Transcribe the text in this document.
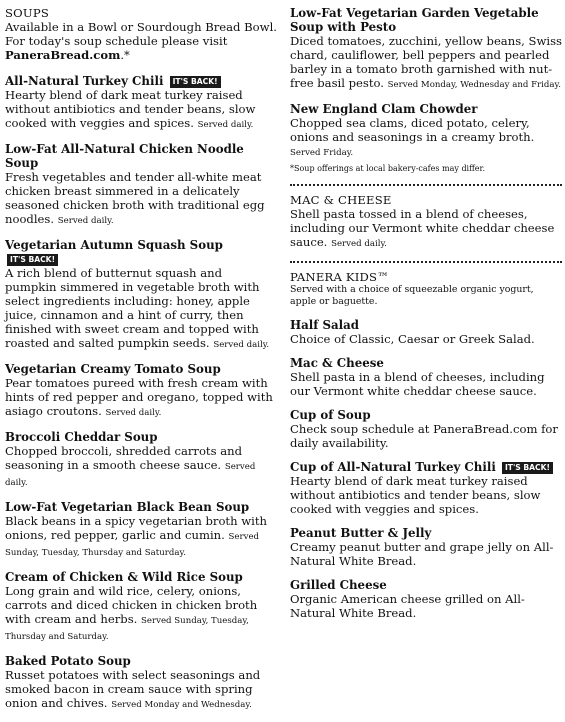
SOUPS

Available in a Bowl or Sourdough Bread Bowl. For today's soup schedule please visit PaneraBread.com.*

All-Natural Turkey Chili IT'S BACK!

Hearty blend of dark meat turkey raised without antibiotics and tender beans, slow cooked with veggies and spices. Served daily.

Low-Fat All-Natural Chicken Noodle Soup

Fresh vegetables and tender all-white meat chicken breast simmered in a delicately seasoned chicken broth with traditional egg noodles. Served daily.

Vegetarian Autumn Squash Soup IT'S BACK!

A rich blend of butternut squash and pumpkin simmered in vegetable broth with select ingredients including: honey, apple juice, cinnamon and a hint of curry, then finished with sweet cream and topped with roasted and salted pumpkin seeds. Served daily.

Vegetarian Creamy Tomato Soup

Pear tomatoes pureed with fresh cream with hints of red pepper and oregano, topped with asiago croutons. Served daily.

Broccoli Cheddar Soup

Chopped broccoli, shredded carrots and seasoning in a smooth cheese sauce. Served daily.

Low-Fat Vegetarian Black Bean Soup

Black beans in a spicy vegetarian broth with onions, red pepper, garlic and cumin. Served Sunday, Tuesday, Thursday and Saturday.

Cream of Chicken & Wild Rice Soup

Long grain and wild rice, celery, onions, carrots and diced chicken in chicken broth with cream and herbs. Served Sunday, Tuesday, Thursday and Saturday.

Baked Potato Soup

Russet potatoes with select seasonings and smoked bacon in cream sauce with spring onion and chives. Served Monday and Wednesday.

Low-Fat Vegetarian Garden Vegetable Soup with Pesto

Diced tomatoes, zucchini, yellow beans, Swiss chard, cauliflower, bell peppers and pearled barley in a tomato broth garnished with nut-free basil pesto. Served Monday, Wednesday and Friday.

New England Clam Chowder

Chopped sea clams, diced potato, celery, onions and seasonings in a creamy broth. Served Friday.

*Soup offerings at local bakery-cafes may differ.

MAC & CHEESE

Shell pasta tossed in a blend of cheeses, including our Vermont white cheddar cheese sauce. Served daily.

PANERA KIDS™

Served with a choice of squeezable organic yogurt, apple or baguette.

Half Salad

Choice of Classic, Caesar or Greek Salad.

Mac & Cheese

Shell pasta in a blend of cheeses, including our Vermont white cheddar cheese sauce.

Cup of Soup

Check soup schedule at PaneraBread.com for daily availability.

Cup of All-Natural Turkey Chili IT'S BACK!

Hearty blend of dark meat turkey raised without antibiotics and tender beans, slow cooked with veggies and spices.

Peanut Butter & Jelly

Creamy peanut butter and grape jelly on All-Natural White Bread.

Grilled Cheese

Organic American cheese grilled on All-Natural White Bread.
